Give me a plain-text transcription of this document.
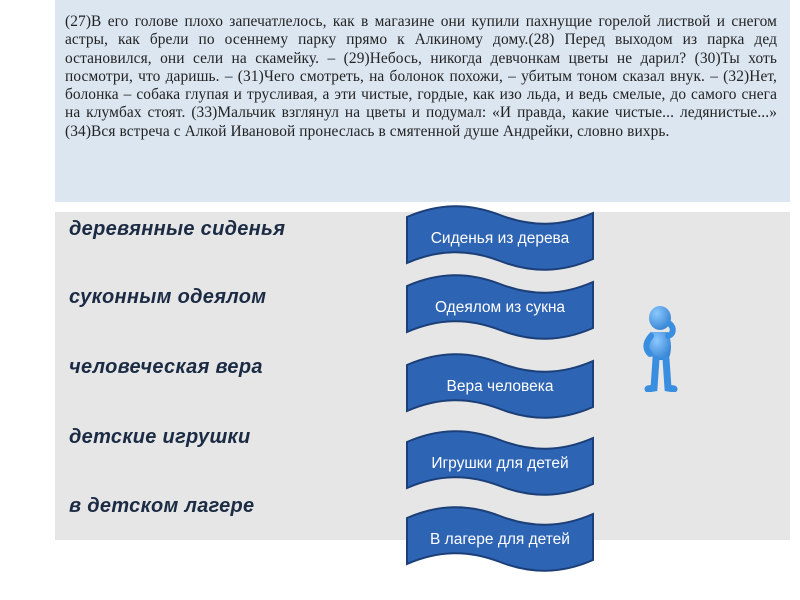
(27)В его голове плохо запечатлелось, как в магазине они купили пахнущие горелой листвой и снегом астры, как брели по осеннему парку прямо к Алкиному дому.(28) Перед выходом из парка дед остановился, они сели на скамейку. – (29)Небось, никогда девчонкам цветы не дарил? (30)Ты хоть посмотри, что даришь. – (31)Чего смотреть, на болонок похожи, – убитым тоном сказал внук. – (32)Нет, болонка – собака глупая и трусливая, а эти чистые, гордые, как изо льда, и ведь смелые, до самого снега на клумбах стоят. (33)Мальчик взглянул на цветы и подумал: «И правда, какие чистые... ледянистые...» (34)Вся встреча с Алкой Ивановой пронеслась в смятенной душе Андрейки, словно вихрь.

деревянные сиденья
суконным одеялом
человеческая вера
детские игрушки
в детском лагере
Сиденья из дерева
Одеялом из сукна
Вера человека
Игрушки для детей
В лагере для детей
